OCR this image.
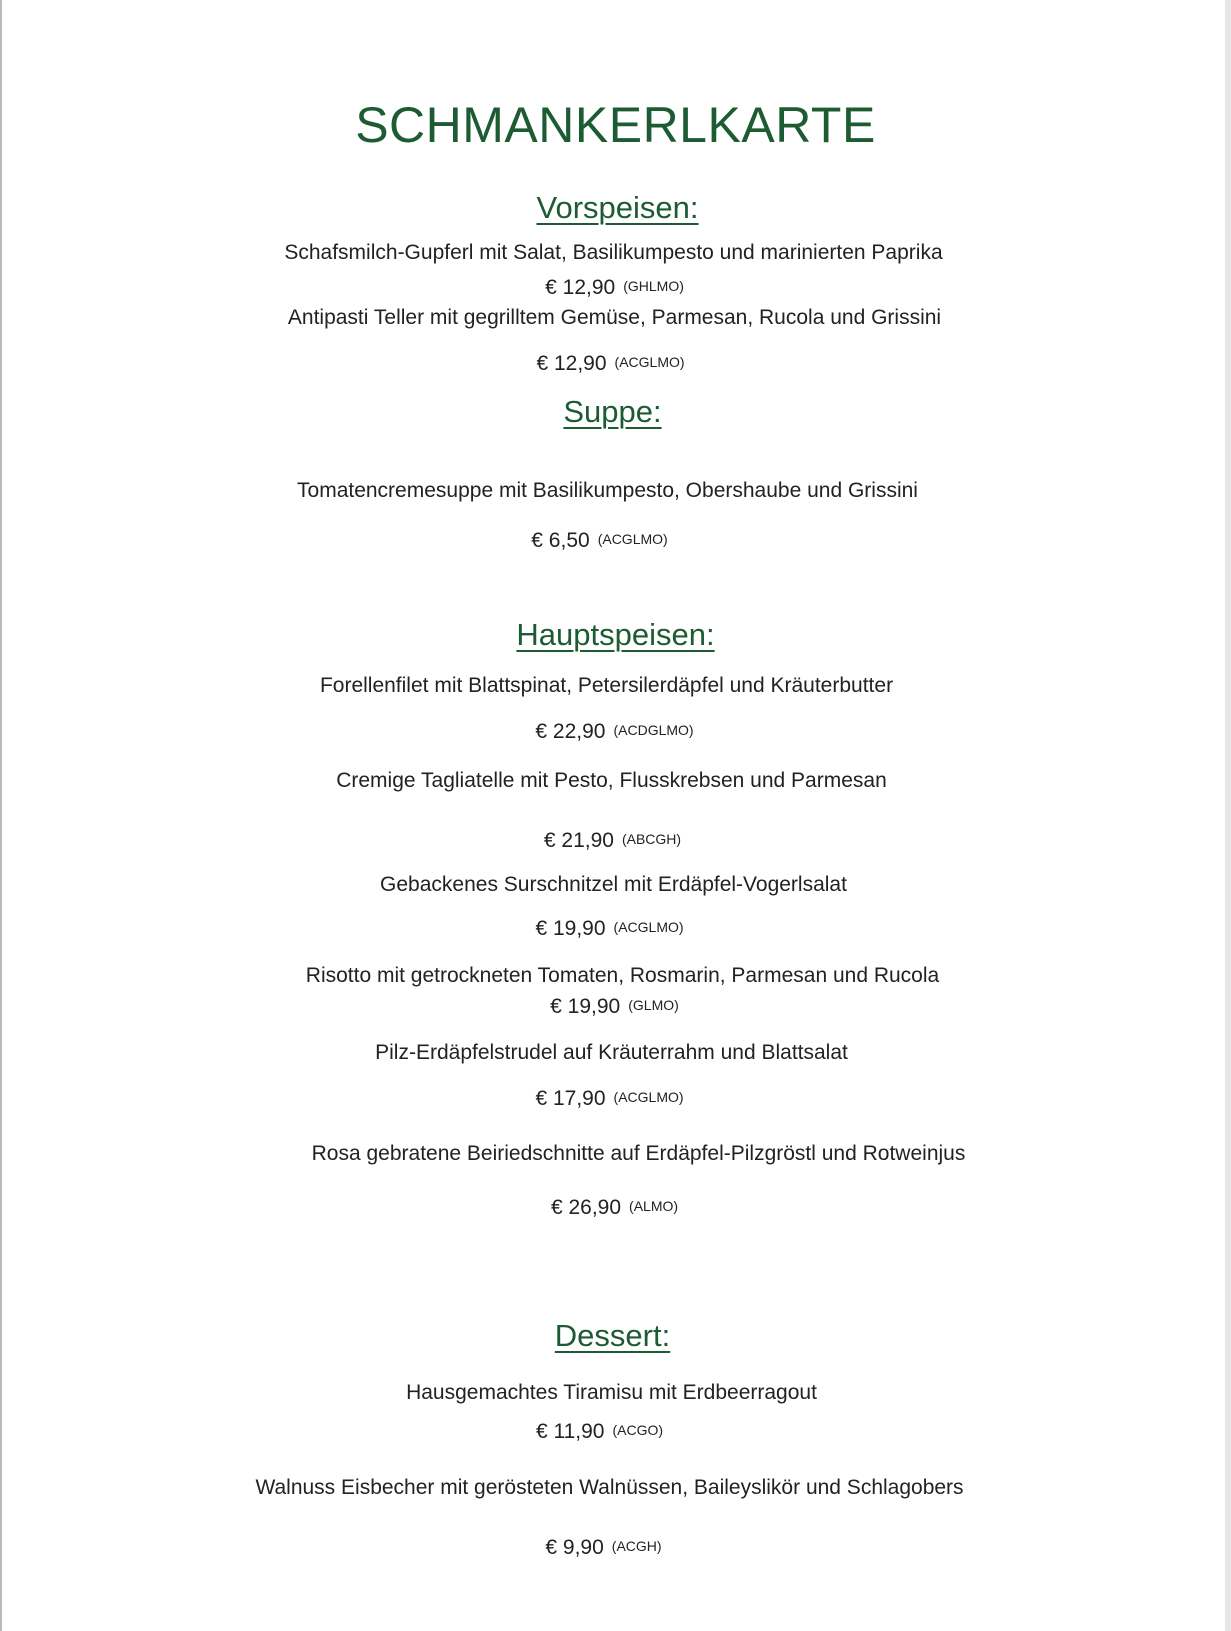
SCHMANKERLKARTE
Vorspeisen:
Schafsmilch-Gupferl mit Salat, Basilikumpesto und marinierten Paprika
€ 12,90 (GHLMO)
Antipasti Teller mit gegrilltem Gemüse, Parmesan, Rucola und Grissini
€ 12,90 (ACGLMO)
Suppe:
Tomatencremesuppe mit Basilikumpesto, Obershaube und Grissini
€ 6,50 (ACGLMO)
Hauptspeisen:
Forellenfilet mit Blattspinat, Petersilerdäpfel und Kräuterbutter
€ 22,90 (ACDGLMO)
Cremige Tagliatelle mit Pesto, Flusskrebsen und Parmesan
€ 21,90 (ABCGH)
Gebackenes Surschnitzel mit Erdäpfel-Vogerlsalat
€ 19,90 (ACGLMO)
Risotto mit getrockneten Tomaten, Rosmarin, Parmesan und Rucola
€ 19,90 (GLMO)
Pilz-Erdäpfelstrudel auf Kräuterrahm und Blattsalat
€ 17,90 (ACGLMO)
Rosa gebratene Beiriedschnitte auf Erdäpfel-Pilzgröstl und Rotweinjus
€ 26,90 (ALMO)
Dessert:
Hausgemachtes Tiramisu mit Erdbeerragout
€ 11,90 (ACGO)
Walnuss Eisbecher mit gerösteten Walnüssen, Baileyslikör und Schlagobers
€ 9,90 (ACGH)
